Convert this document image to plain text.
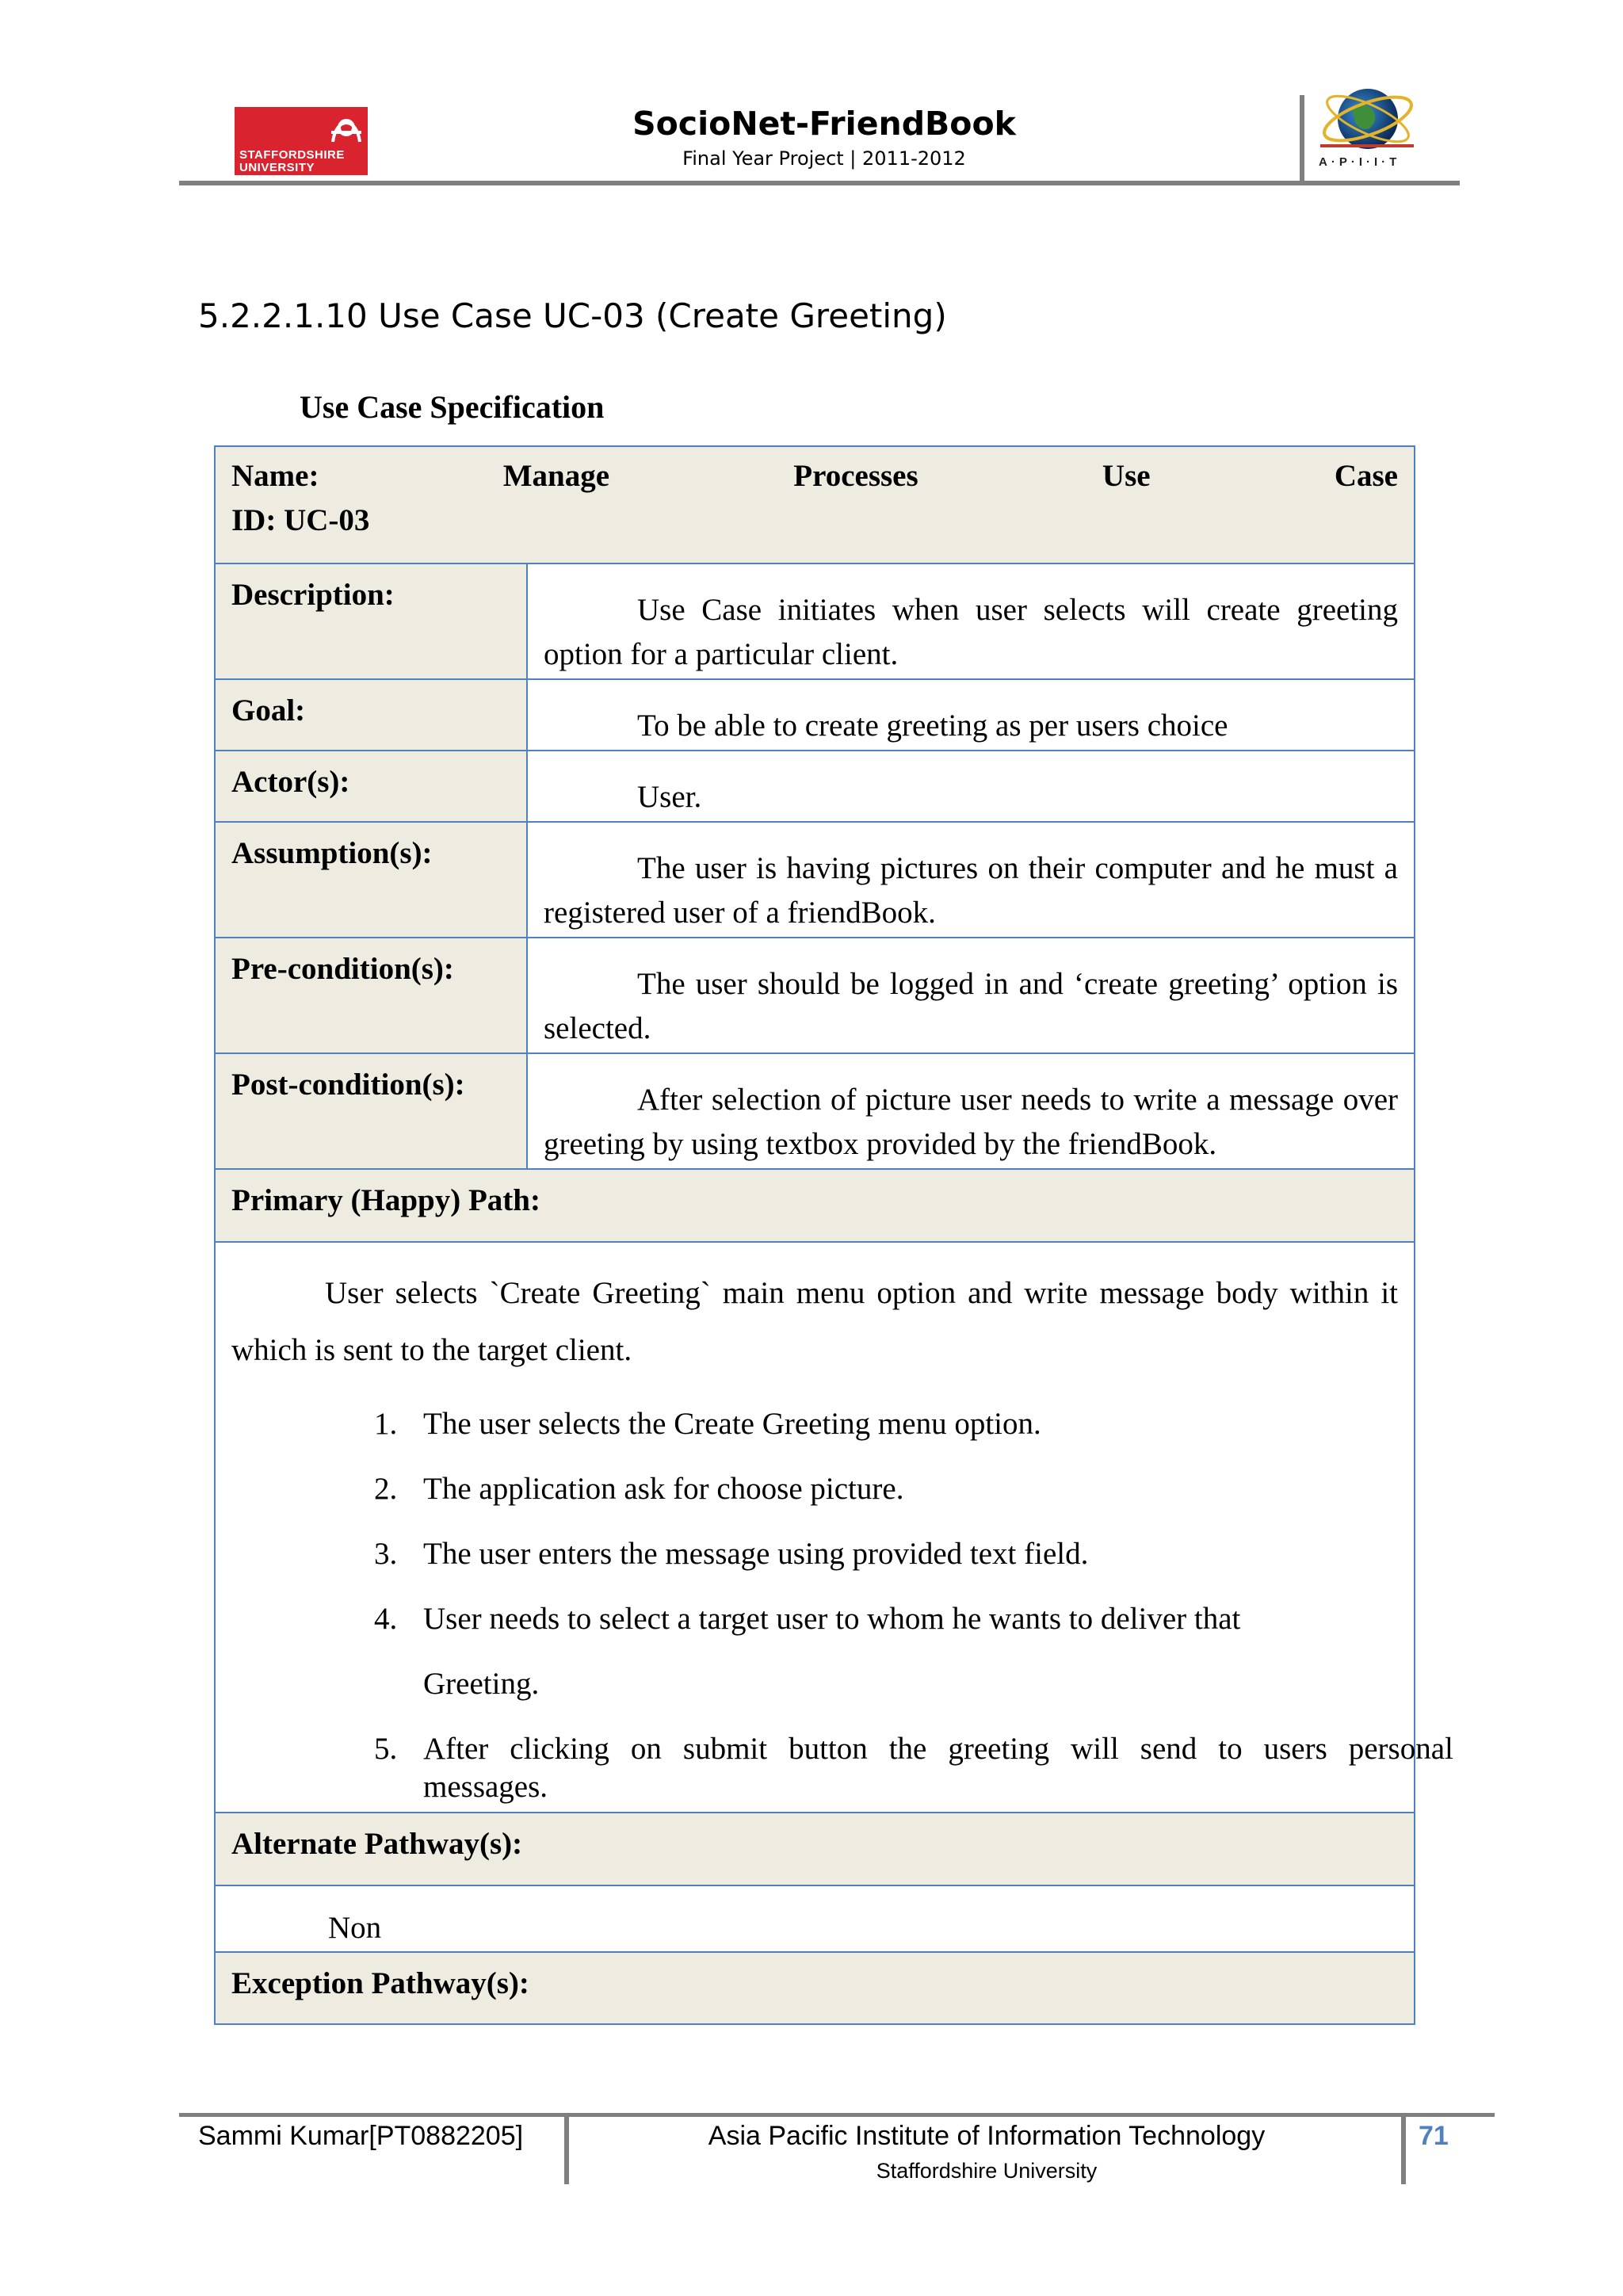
STAFFORDSHIRE
UNIVERSITY
SocioNet-FriendBook
Final Year Project | 2011-2012	A·P·I·I·T
5.2.2.1.10 Use Case UC-03 (Create Greeting)
Use Case Specification
Name:	Manage	Processes	Use	Case
ID: UC-03
Description:	Use Case initiates when user selects will create greeting option for a particular client.
Goal:	To be able to create greeting as per users choice
Actor(s):	User.
Assumption(s):	The user is having pictures on their computer and he must a registered user of a friendBook.
Pre-condition(s):	The user should be logged in and ‘create greeting’ option is selected.
Post-condition(s):	After selection of picture user needs to write a message over greeting by using textbox provided by the friendBook.
Primary (Happy) Path:
User selects `Create Greeting` main menu option and write message body within it which is sent to the target client.
1. The user selects the Create Greeting menu option.
2. The application ask for choose picture.
3. The user enters the message using provided text field.
4. User needs to select a target user to whom he wants to deliver that
Greeting.
5. After clicking on submit button the greeting will send to users personal
messages.
Alternate Pathway(s):
Non
Exception Pathway(s):
Sammi Kumar[PT0882205]	Asia Pacific Institute of Information Technology
Staffordshire University
71
